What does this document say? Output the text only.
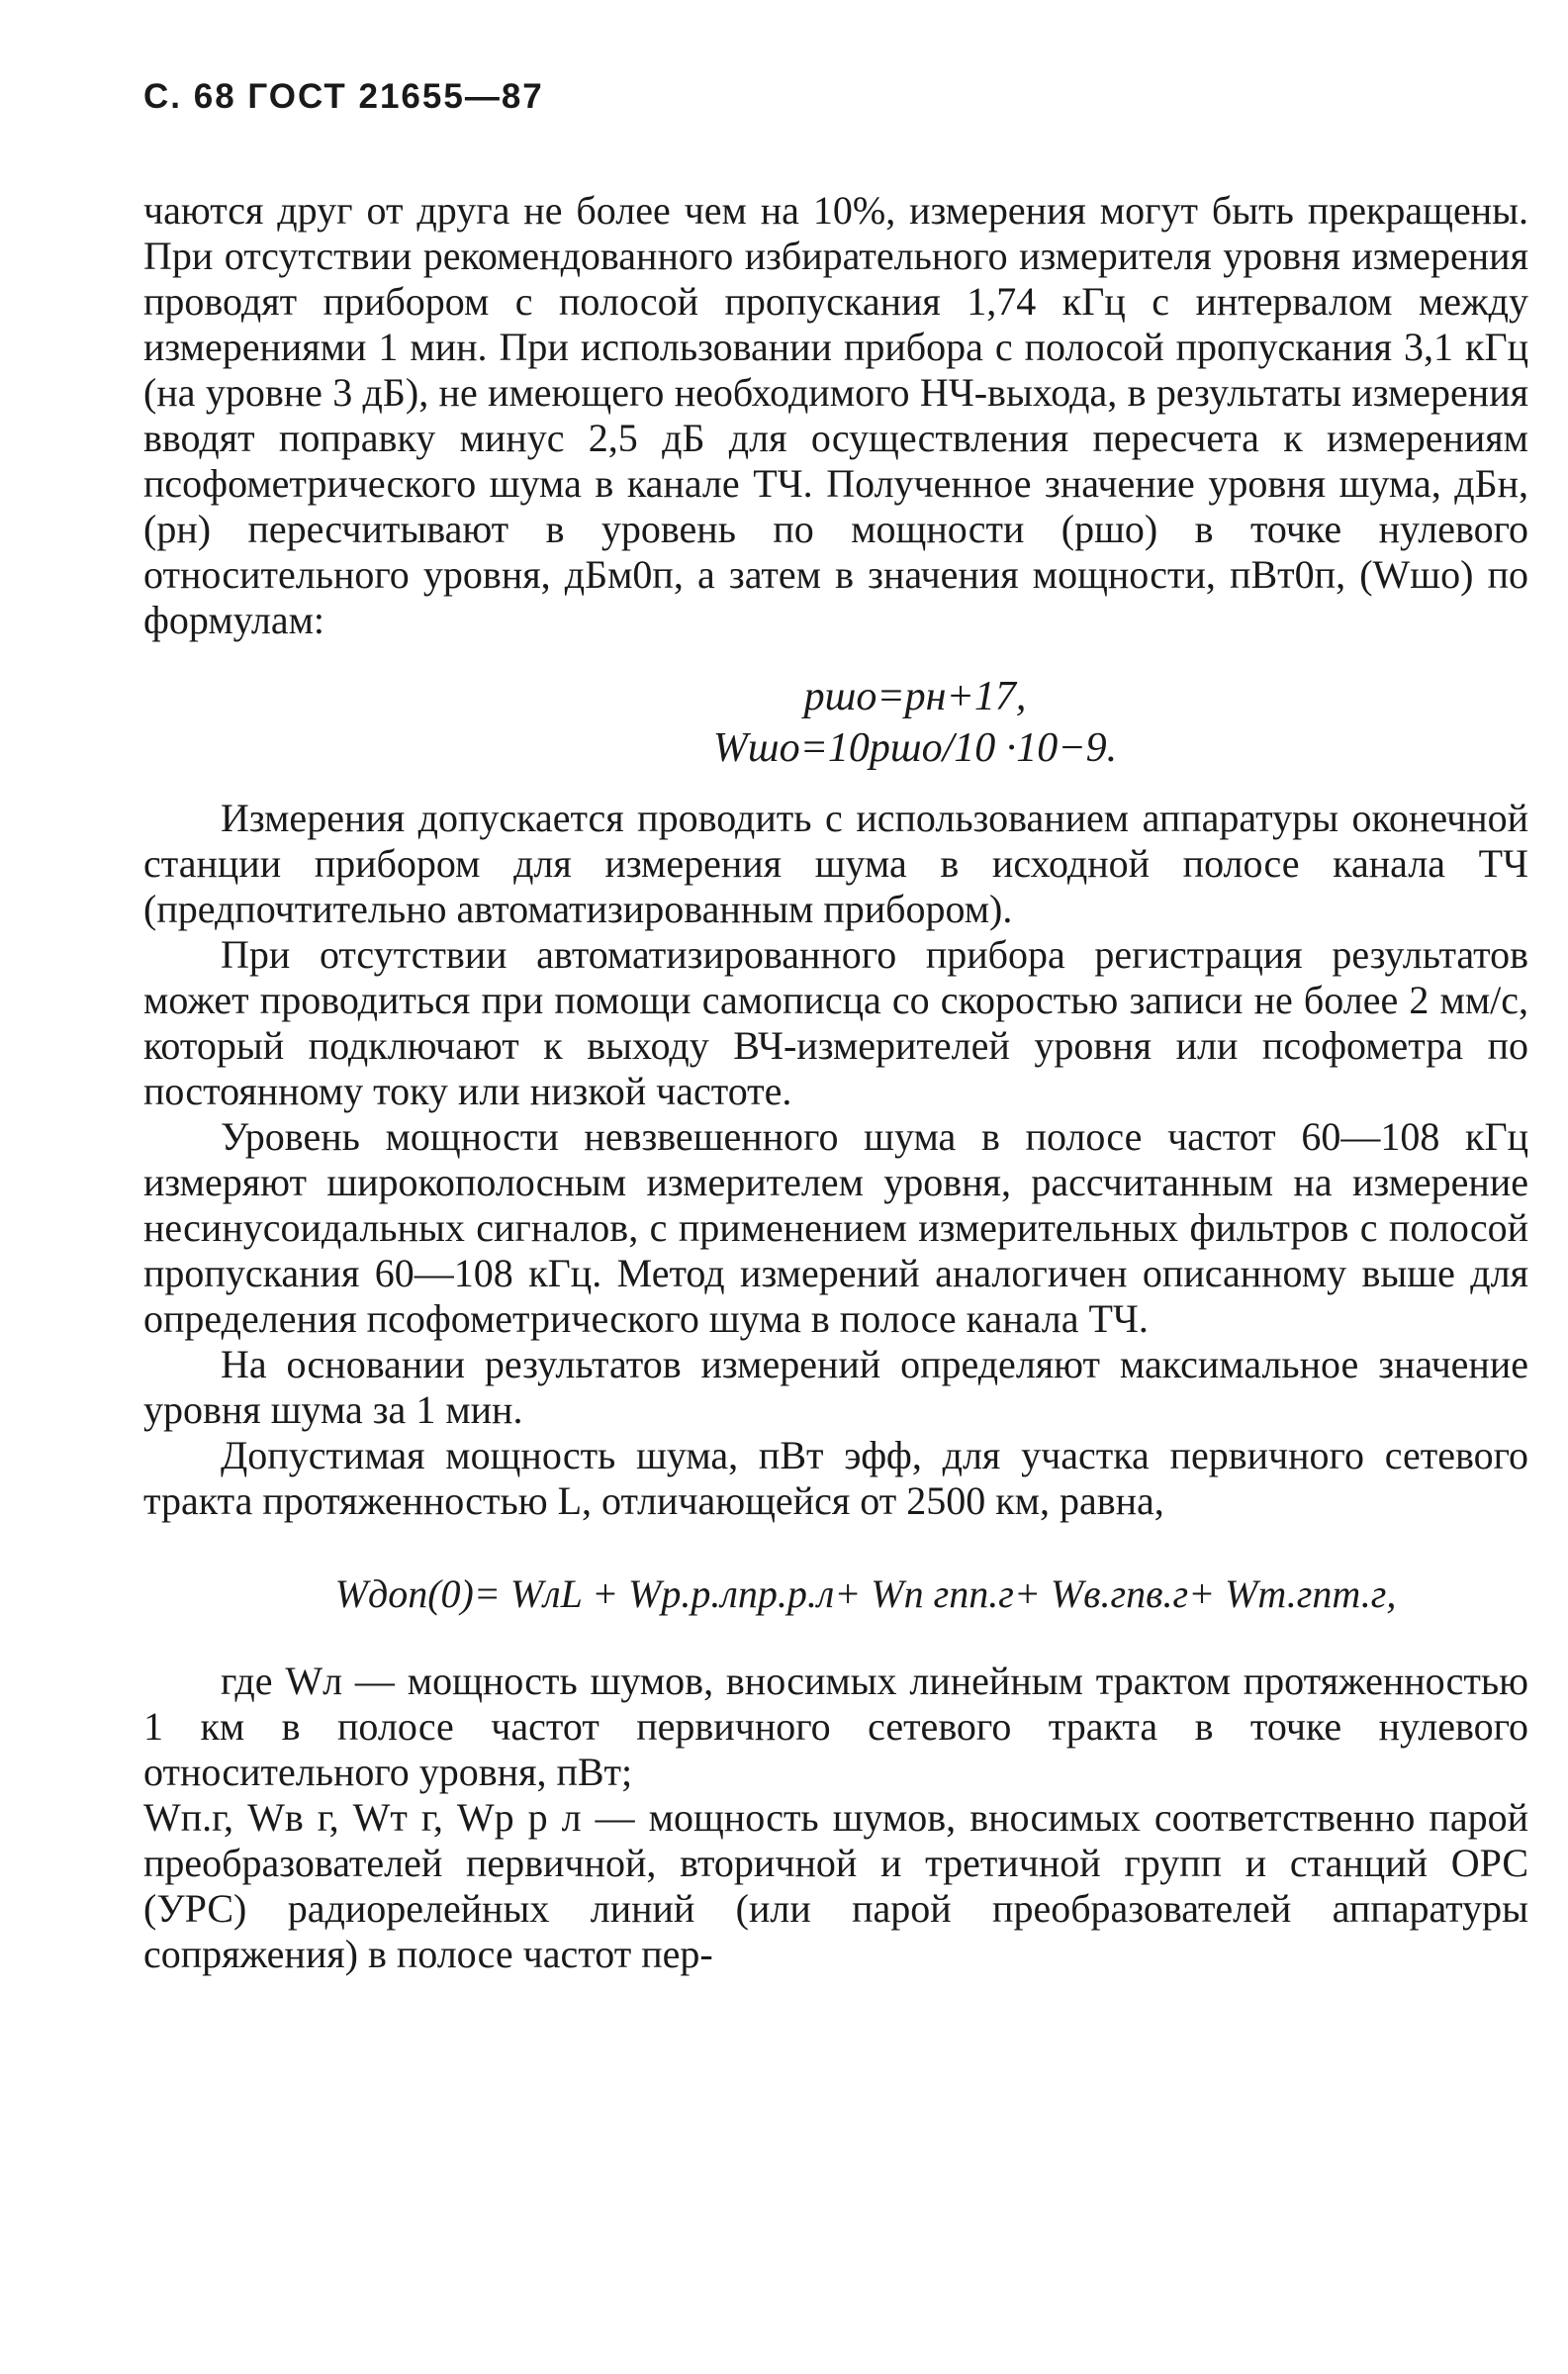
С. 68 ГОСТ 21655—87

чаются друг от друга не более чем на 10%, измерения могут быть прекращены. При отсутствии рекомендованного избирательного измерителя уровня измерения проводят прибором с полосой пропускания 1,74 кГц с интервалом между измерениями 1 мин. При использовании прибора с полосой пропускания 3,1 кГц (на уровне 3 дБ), не имеющего необходимого НЧ-выхода, в результаты измерения вводят поправку минус 2,5 дБ для осуществления пересчета к измерениям псофометрического шума в канале ТЧ. Полученное значение уровня шума, дБн, (pн) пересчитывают в уровень по мощности (pшо) в точке нулевого относительного уровня, дБм0п, а затем в значения мощности, пВт0п, (Wшо) по формулам:

pшо=pн+17,
Wшо=10pшо/10 ·10−9.

Измерения допускается проводить с использованием аппаратуры оконечной станции прибором для измерения шума в исходной полосе канала ТЧ (предпочтительно автоматизированным прибором).

При отсутствии автоматизированного прибора регистрация результатов может проводиться при помощи самописца со скоростью записи не более 2 мм/с, который подключают к выходу ВЧ-измерителей уровня или псофометра по постоянному току или низкой частоте.

Уровень мощности невзвешенного шума в полосе частот 60—108 кГц измеряют широкополосным измерителем уровня, рассчитанным на измерение несинусоидальных сигналов, с применением измерительных фильтров с полосой пропускания 60—108 кГц. Метод измерений аналогичен описанному выше для определения псофометрического шума в полосе канала ТЧ.

На основании результатов измерений определяют максимальное значение уровня шума за 1 мин.

Допустимая мощность шума, пВт эфф, для участка первичного сетевого тракта протяженностью L, отличающейся от 2500 км, равна,

Wдоп(0)= WлL + Wр.р.лnр.р.л+ Wп гnп.г+ Wв.гnв.г+ Wт.гnт.г,

где Wл — мощность шумов, вносимых линейным трактом протяженностью 1 км в полосе частот первичного сетевого тракта в точке нулевого относительного уровня, пВт;

Wп.г, Wв г, Wт г, Wр р л — мощность шумов, вносимых соответственно парой преобразователей первичной, вторичной и третичной групп и станций ОРС (УРС) радиорелейных линий (или парой преобразователей аппаратуры сопряжения) в полосе частот пер-
